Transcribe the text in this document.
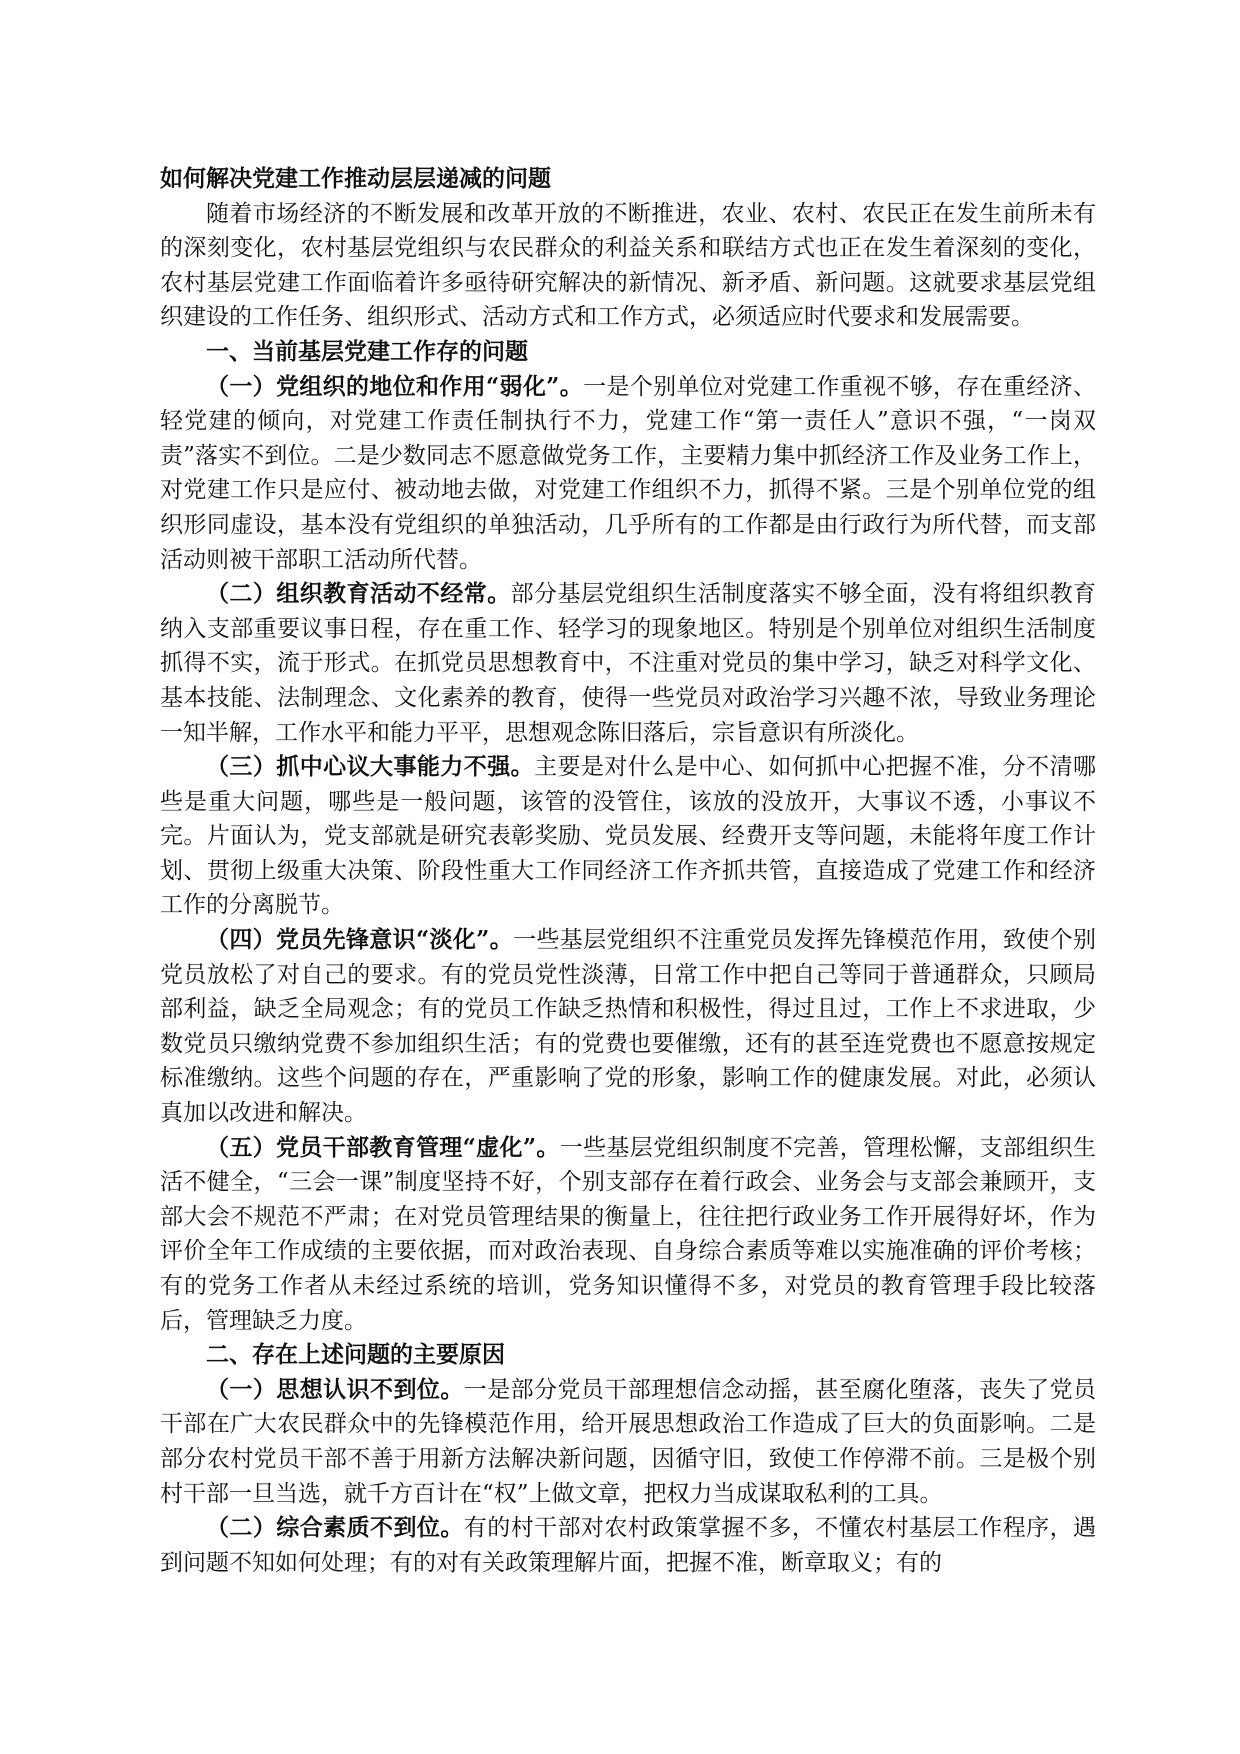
如何解决党建工作推动层层递减的问题

随着市场经济的不断发展和改革开放的不断推进，农业、农村、农民正在发生前所未有的深刻变化，农村基层党组织与农民群众的利益关系和联结方式也正在发生着深刻的变化，农村基层党建工作面临着许多亟待研究解决的新情况、新矛盾、新问题。这就要求基层党组织建设的工作任务、组织形式、活动方式和工作方式，必须适应时代要求和发展需要。

一、当前基层党建工作存的问题

（一）党组织的地位和作用“弱化”。一是个别单位对党建工作重视不够，存在重经济、轻党建的倾向，对党建工作责任制执行不力，党建工作“第一责任人”意识不强，“一岗双责”落实不到位。二是少数同志不愿意做党务工作，主要精力集中抓经济工作及业务工作上，对党建工作只是应付、被动地去做，对党建工作组织不力，抓得不紧。三是个别单位党的组织形同虚设，基本没有党组织的单独活动，几乎所有的工作都是由行政行为所代替，而支部活动则被干部职工活动所代替。

（二）组织教育活动不经常。部分基层党组织生活制度落实不够全面，没有将组织教育纳入支部重要议事日程，存在重工作、轻学习的现象地区。特别是个别单位对组织生活制度抓得不实，流于形式。在抓党员思想教育中，不注重对党员的集中学习，缺乏对科学文化、基本技能、法制理念、文化素养的教育，使得一些党员对政治学习兴趣不浓，导致业务理论一知半解，工作水平和能力平平，思想观念陈旧落后，宗旨意识有所淡化。

（三）抓中心议大事能力不强。主要是对什么是中心、如何抓中心把握不准，分不清哪些是重大问题，哪些是一般问题，该管的没管住，该放的没放开，大事议不透，小事议不完。片面认为，党支部就是研究表彰奖励、党员发展、经费开支等问题，未能将年度工作计划、贯彻上级重大决策、阶段性重大工作同经济工作齐抓共管，直接造成了党建工作和经济工作的分离脱节。

（四）党员先锋意识“淡化”。一些基层党组织不注重党员发挥先锋模范作用，致使个别党员放松了对自己的要求。有的党员党性淡薄，日常工作中把自己等同于普通群众，只顾局部利益，缺乏全局观念；有的党员工作缺乏热情和积极性，得过且过，工作上不求进取，少数党员只缴纳党费不参加组织生活；有的党费也要催缴，还有的甚至连党费也不愿意按规定标准缴纳。这些个问题的存在，严重影响了党的形象，影响工作的健康发展。对此，必须认真加以改进和解决。

（五）党员干部教育管理“虚化”。一些基层党组织制度不完善，管理松懈，支部组织生活不健全，“三会一课”制度坚持不好，个别支部存在着行政会、业务会与支部会兼顾开，支部大会不规范不严肃；在对党员管理结果的衡量上，往往把行政业务工作开展得好坏，作为评价全年工作成绩的主要依据，而对政治表现、自身综合素质等难以实施准确的评价考核；有的党务工作者从未经过系统的培训，党务知识懂得不多，对党员的教育管理手段比较落后，管理缺乏力度。

二、存在上述问题的主要原因

（一）思想认识不到位。一是部分党员干部理想信念动摇，甚至腐化堕落，丧失了党员干部在广大农民群众中的先锋模范作用，给开展思想政治工作造成了巨大的负面影响。二是部分农村党员干部不善于用新方法解决新问题，因循守旧，致使工作停滞不前。三是极个别村干部一旦当选，就千方百计在“权”上做文章，把权力当成谋取私利的工具。

（二）综合素质不到位。有的村干部对农村政策掌握不多，不懂农村基层工作程序，遇到问题不知如何处理；有的对有关政策理解片面，把握不准，断章取义；有的
